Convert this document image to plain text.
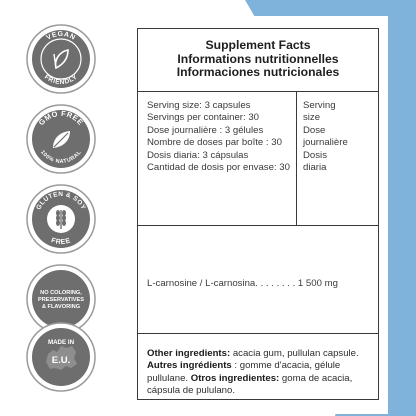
VEGAN
FRIENDLY
GMO FREE
100% NATURAL
GLUTEN & SOY
FREE
NO COLORING,
PRESERVATIVES
& FLAVORING
MADE IN
E.U.
Supplement Facts
Informations nutritionnelles
Informaciones nutricionales
Serving size: 3 capsules
Servings per container: 30
Dose journalière : 3 gélules
Nombre de doses par boîte : 30
Dosis diaria: 3 cápsulas
Cantidad de dosis por envase: 30
Serving
size
Dose
journalière
Dosis
diaria
L-carnosine / L-carnosina. . . . . . . . 1 500 mg
Other ingredients: acacia gum, pullulan capsule. Autres ingrédients : gomme d'acacia, gélule pullulane. Otros ingredientes: goma de acacia, cápsula de pululano.
